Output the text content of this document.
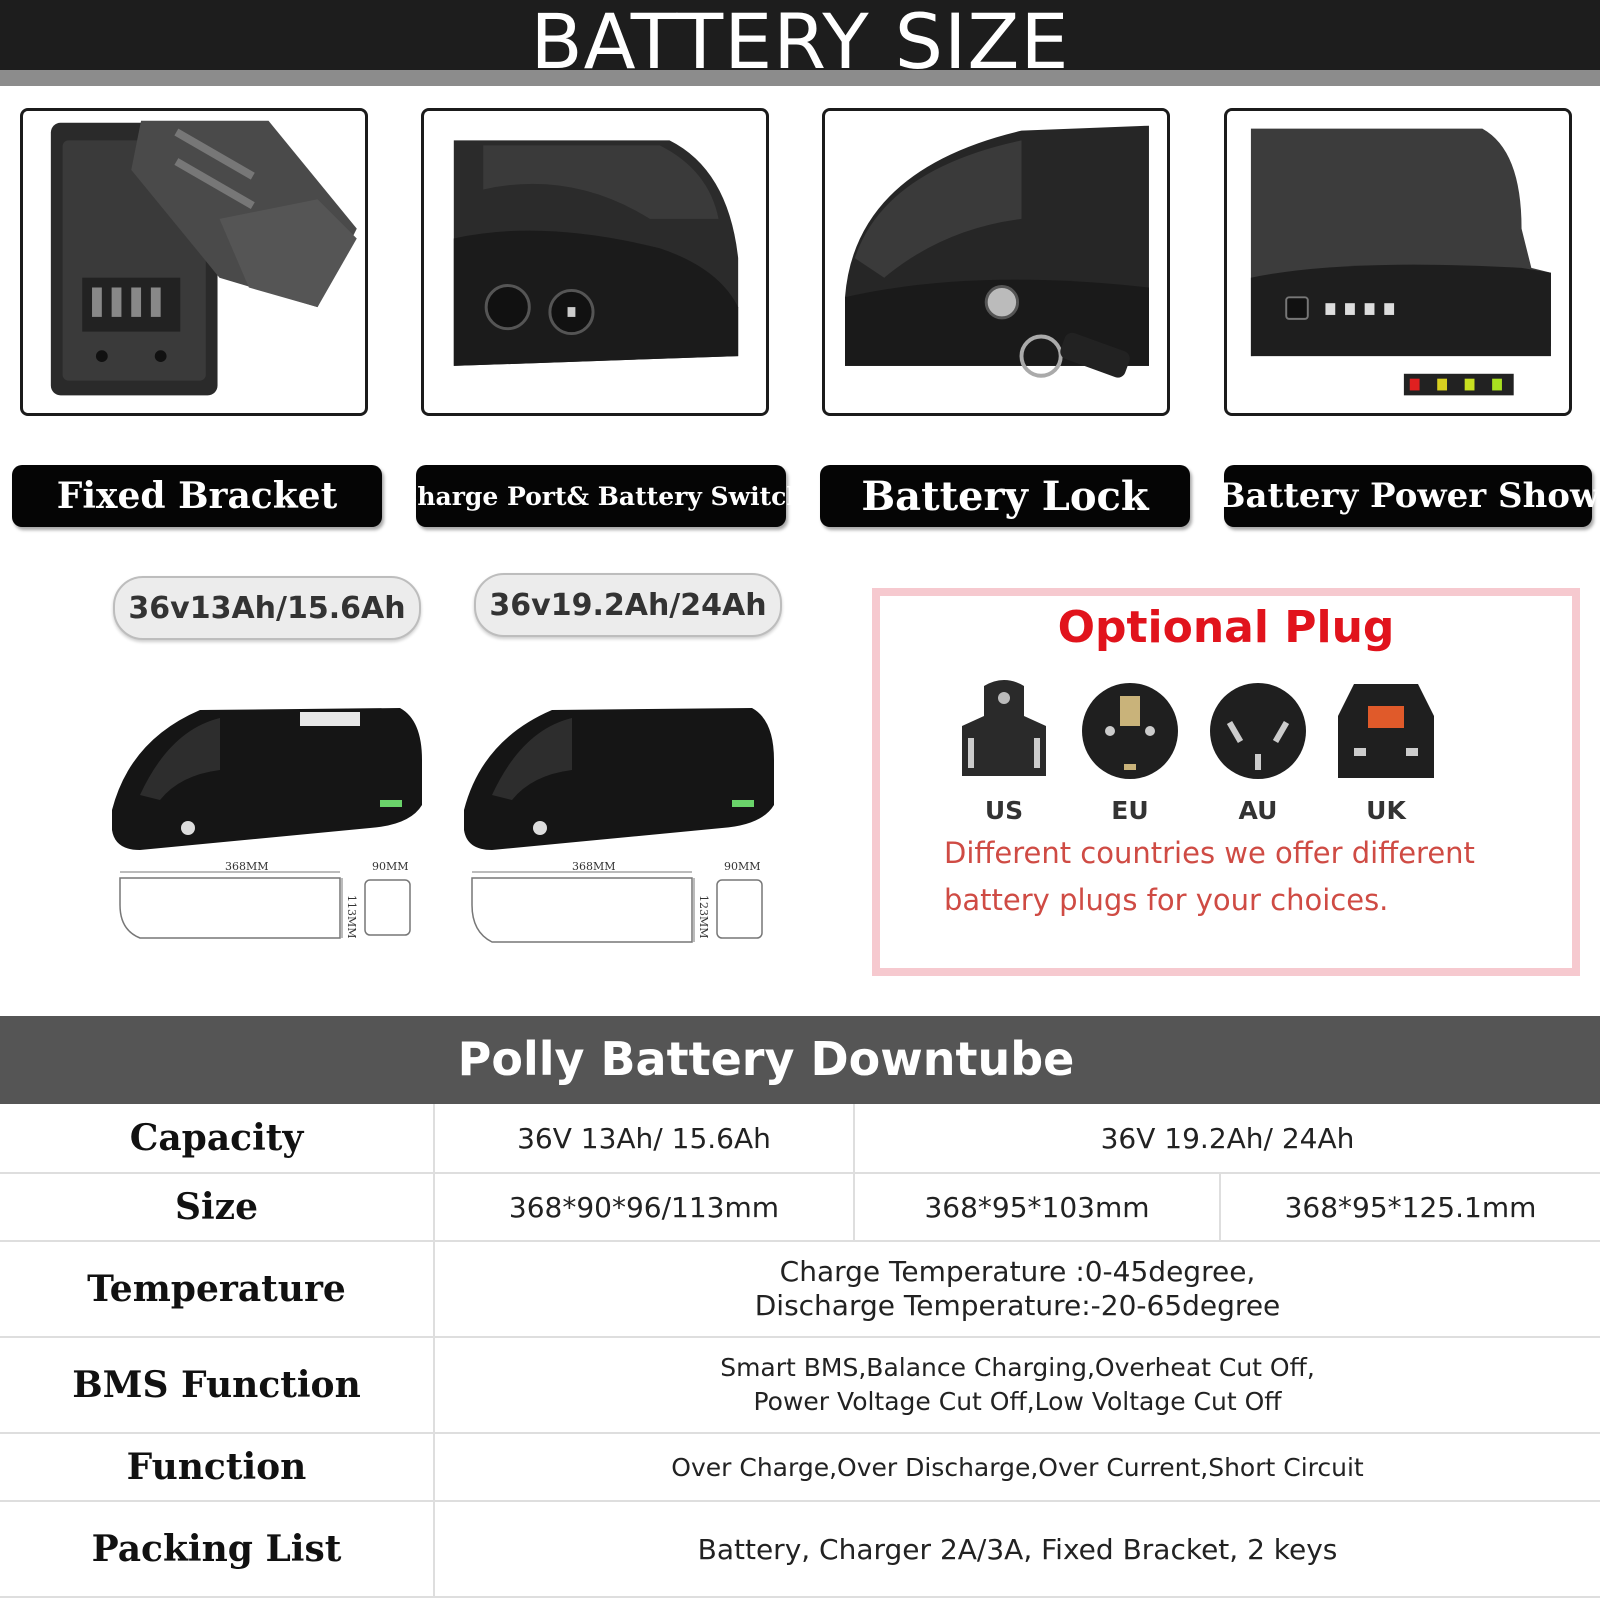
BATTERY SIZE
Fixed Bracket	Charge Port& Battery Switch	Battery Lock	Battery Power Show
36v13Ah/15.6Ah	36v19.2Ah/24Ah
368MM	90MM
113MM
368MM	90MM
123MM
Optional Plug
US	EU	AU	UK
Different countries we offer different battery plugs for your choices.
Polly Battery Downtube
Capacity	36V 13Ah/ 15.6Ah	36V 19.2Ah/ 24Ah	
Size	368*90*96/113mm	368*95*103mm	368*95*125.1mm
Temperature	Charge Temperature :0-45degree,
Discharge Temperature:-20-65degree		

BMS Function	Smart BMS,Balance Charging,Overheat Cut Off,
Power Voltage Cut Off,Low Voltage Cut Off		

Function	Over Charge,Over Discharge,Over Current,Short Circuit		
Packing List	Battery, Charger 2A/3A, Fixed Bracket, 2 keys		
